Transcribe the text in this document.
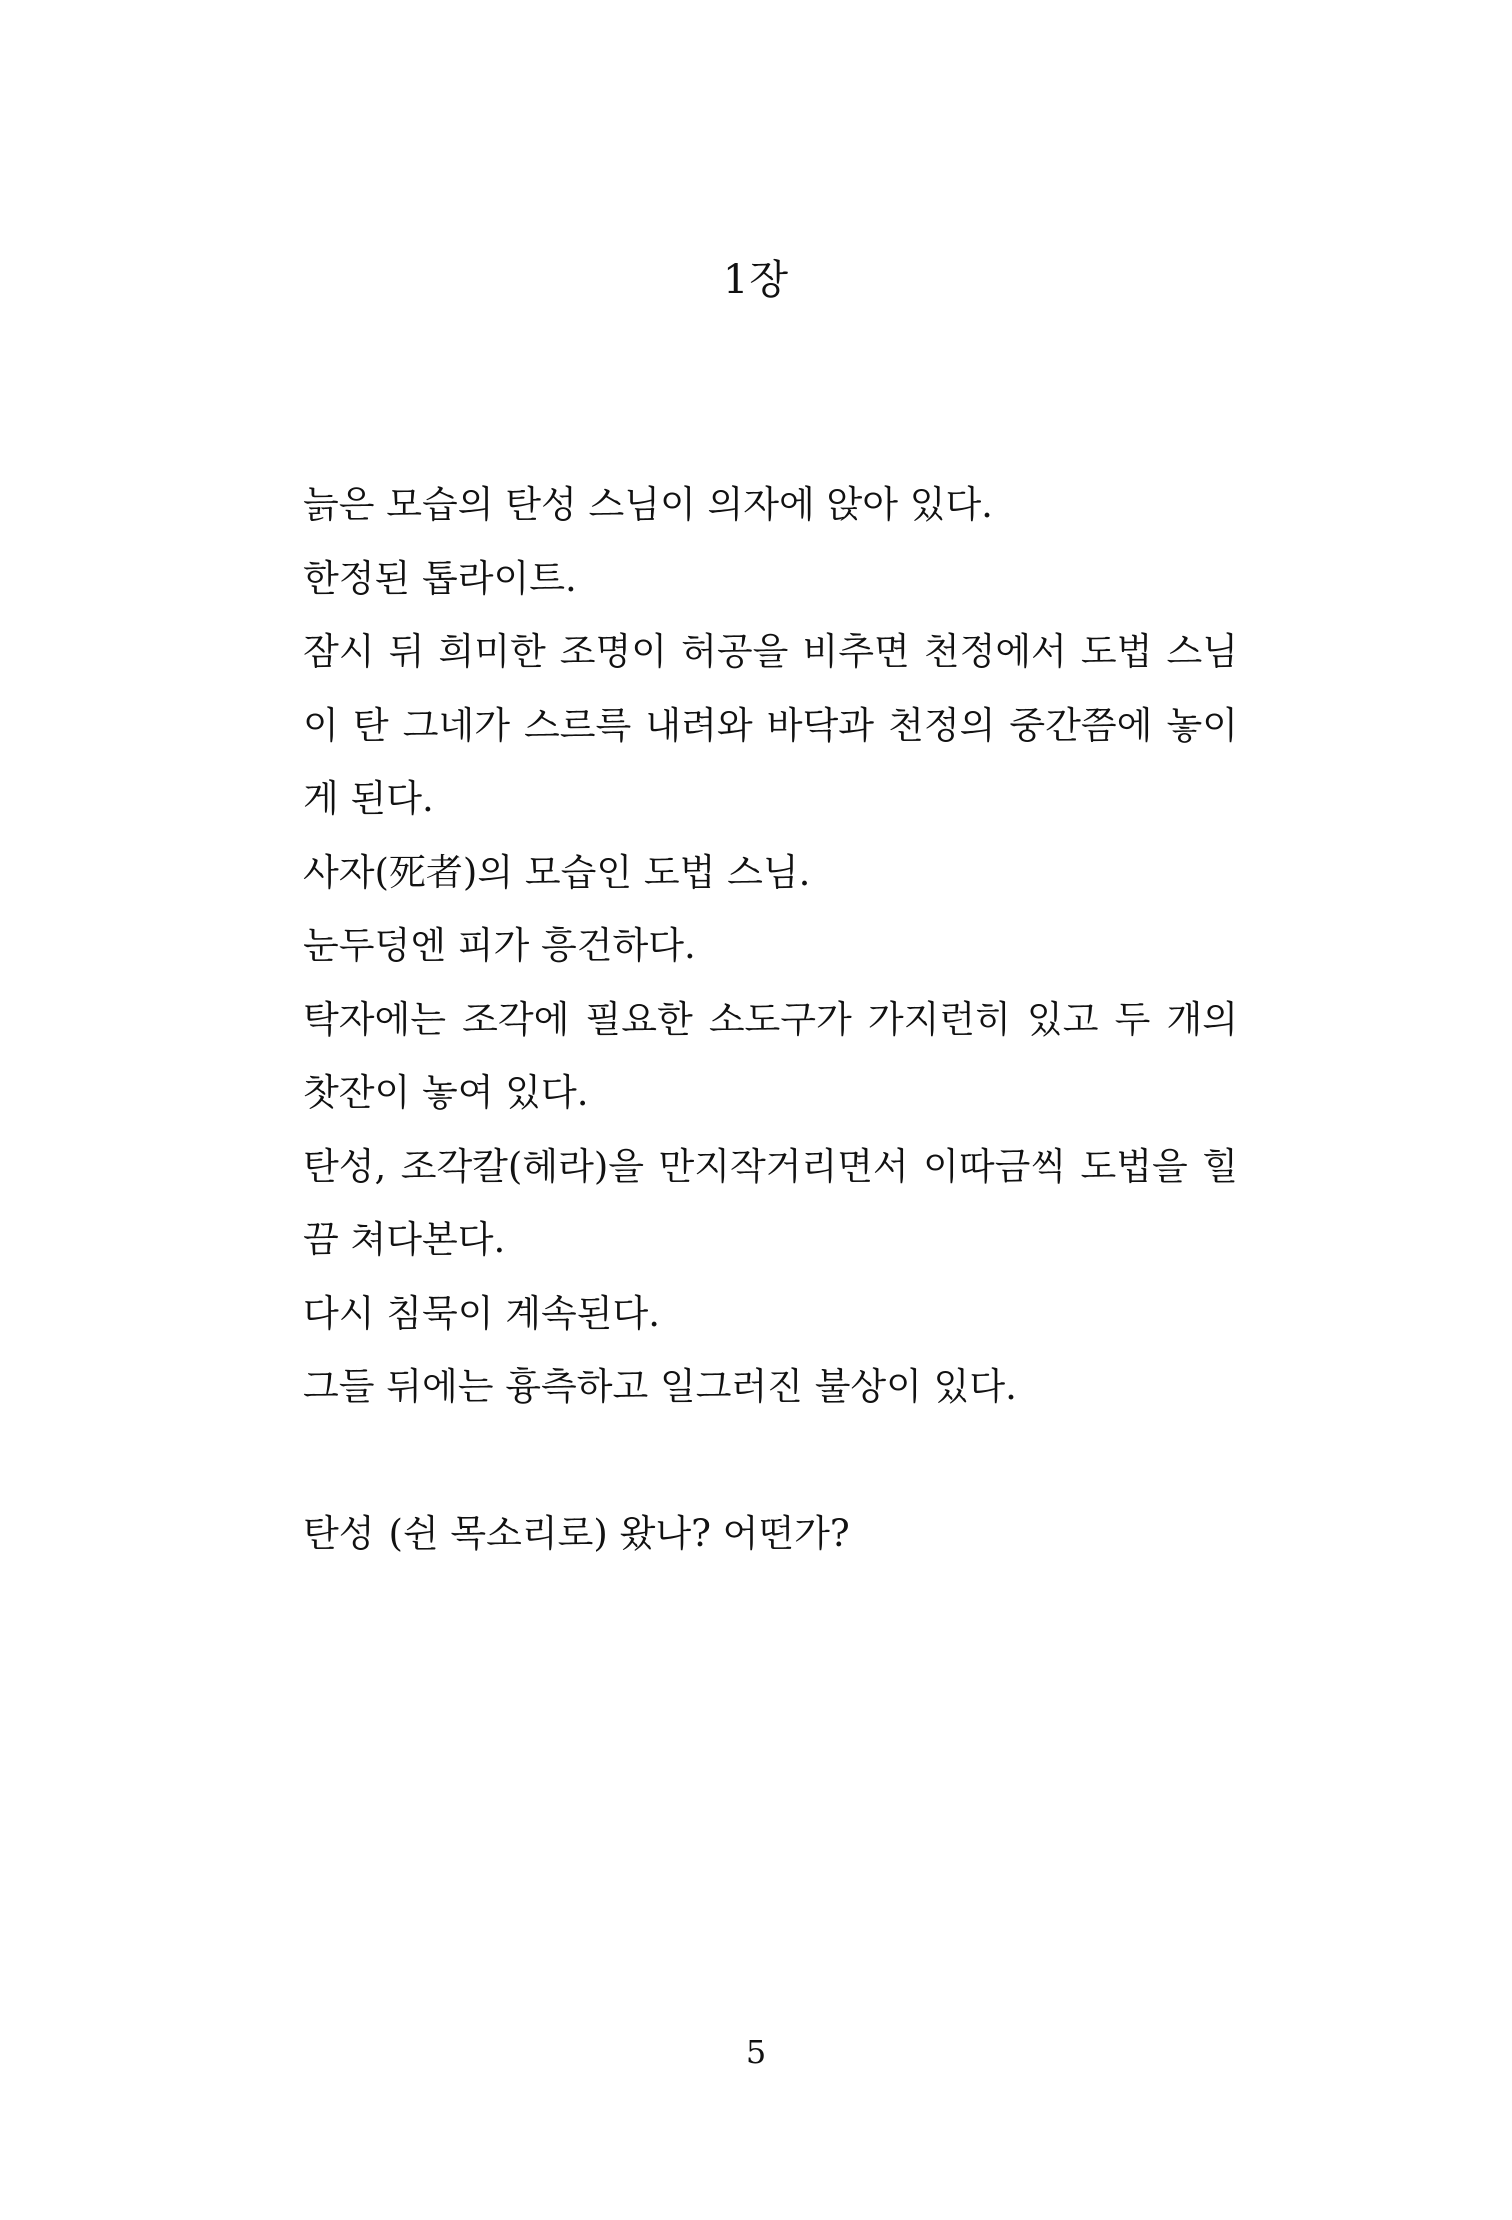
1장
늙은 모습의 탄성 스님이 의자에 앉아 있다.
한정된 톱라이트.
잠시 뒤 희미한 조명이 허공을 비추면 천정에서 도법 스님
이 탄 그네가 스르륵 내려와 바닥과 천정의 중간쯤에 놓이
게 된다.
사자(死者)의 모습인 도법 스님.
눈두덩엔 피가 흥건하다.
탁자에는 조각에 필요한 소도구가 가지런히 있고 두 개의
찻잔이 놓여 있다.
탄성, 조각칼(헤라)을 만지작거리면서 이따금씩 도법을 힐
끔 쳐다본다.
다시 침묵이 계속된다.
그들 뒤에는 흉측하고 일그러진 불상이 있다.
탄성 (쉰 목소리로) 왔나? 어떤가?
5
